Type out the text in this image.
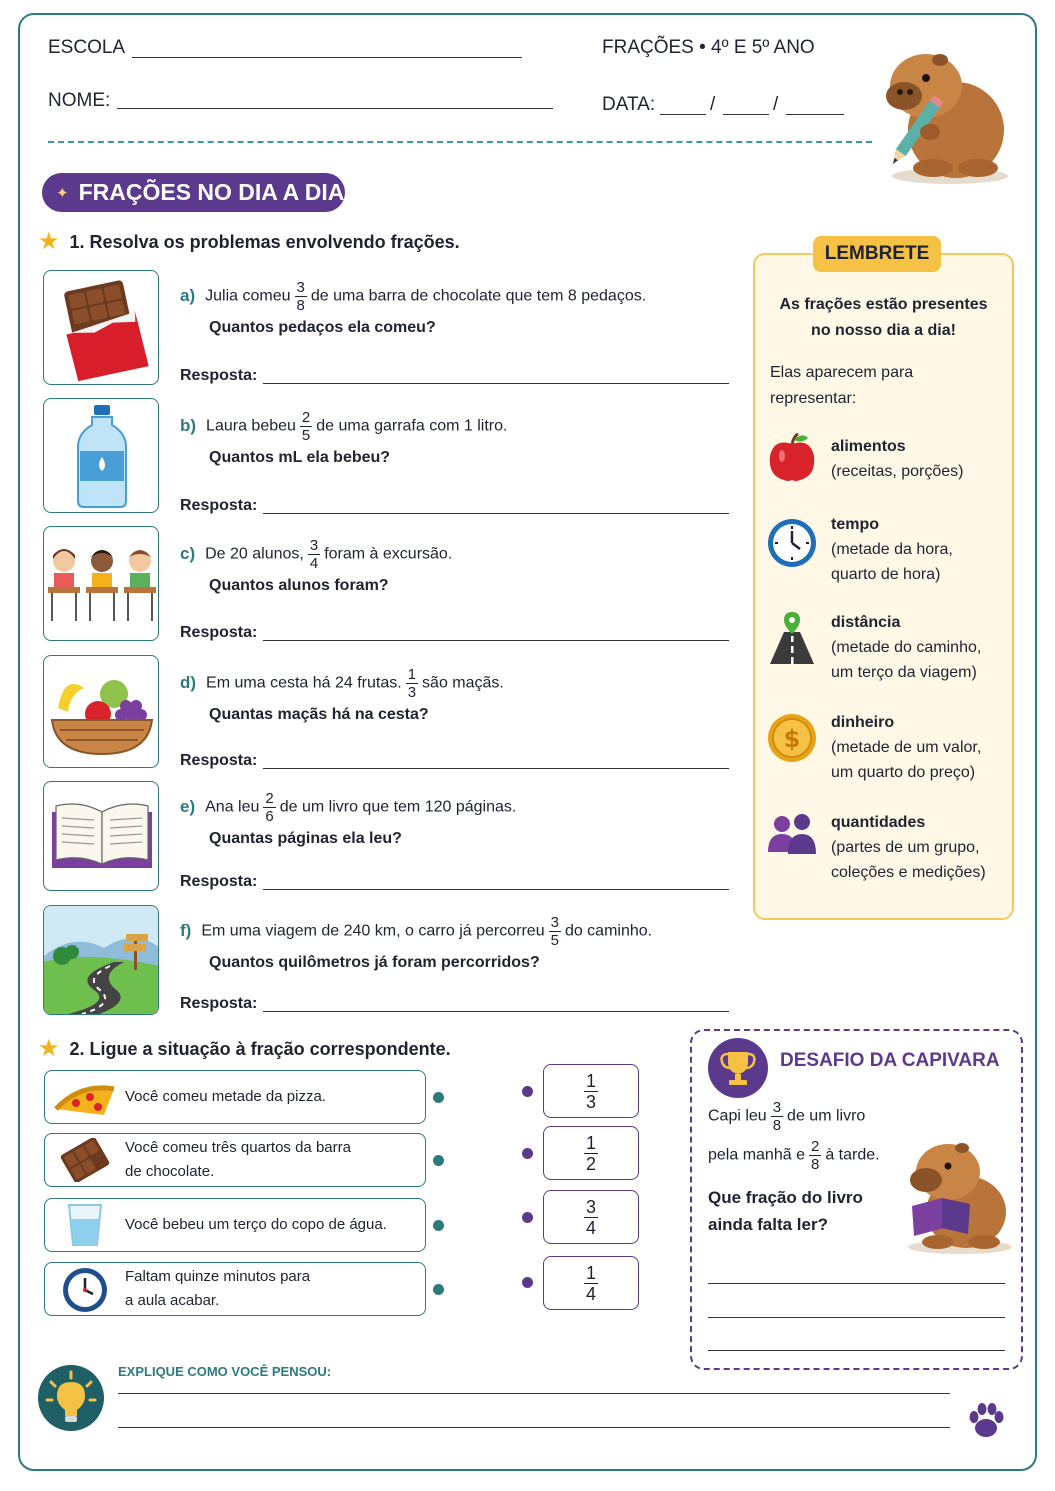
ESCOLA
NOME:
FRAÇÕES • 4º E 5º ANO
DATA:	/	/
✦ FRAÇÕES NO DIA A DIA
★ 1. Resolva os problemas envolvendo frações.
a) Julia comeu $\frac{3}{8}$ de uma barra de chocolate que tem 8 pedaços.
Quantos pedaços ela comeu?
Resposta:
b) Laura bebeu $\frac{2}{5}$ de uma garrafa com 1 litro.
Quantos mL ela bebeu?
Resposta:
c) De 20 alunos, $\frac{3}{4}$ foram à excursão.
Quantos alunos foram?
Resposta:
d) Em uma cesta há 24 frutas. $\frac{1}{3}$ são maçãs.
Quantas maçãs há na cesta?
Resposta:
e) Ana leu $\frac{2}{6}$ de um livro que tem 120 páginas.
Quantas páginas ela leu?
Resposta:
f) Em uma viagem de 240 km, o carro já percorreu $\frac{3}{5}$ do caminho.
Quantos quilômetros já foram percorridos?
Resposta:
LEMBRETE
As frações estão presentes
no nosso dia a dia!
Elas aparecem para
representar:
$
alimentos
(receitas, porções)
tempo
(metade da hora,
quarto de hora)
distância
(metade do caminho,
um terço da viagem)
dinheiro
(metade de um valor,
um quarto do preço)
quantidades
(partes de um grupo,
coleções e medições)
★ 2. Ligue a situação à fração correspondente.
Você comeu metade da pizza.
Você comeu três quartos da barra
de chocolate.
Você bebeu um terço do copo de água.
Faltam quinze minutos para
a aula acabar.
$\frac{1}{3}$
$\frac{1}{2}$
$\frac{3}{4}$
$\frac{1}{4}$
DESAFIO DA CAPIVARA
Capi leu $\frac{3}{8}$ de um livro
pela manhã e $\frac{2}{8}$ à tarde.
Que fração do livro
ainda falta ler?
EXPLIQUE COMO VOCÊ PENSOU:
